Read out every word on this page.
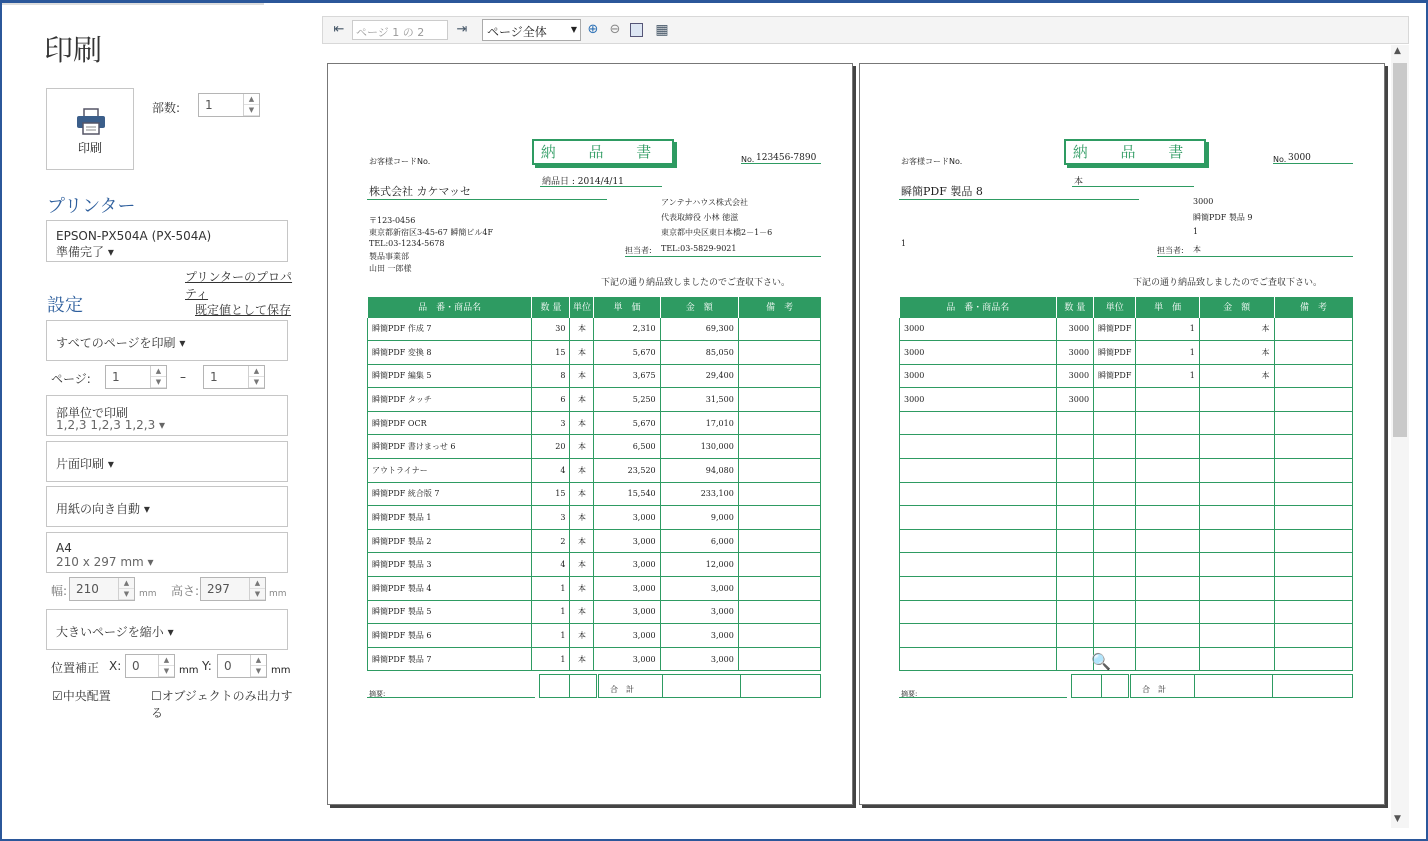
印刷
印刷
部数: 1	▲
▼
プリンター
EPSON-PX504A (PX-504A)
準備完了 ▾
プリンターのプロパティ
設定	既定値として保存
すべてのページを印刷 ▾
ページ: 1	▲
▼	– 1	▲
▼
部単位で印刷
1,2,3 1,2,3 1,2,3 ▾
片面印刷 ▾
用紙の向き自動 ▾
A4
210 x 297 mm ▾
幅: 210	▲
▼	mm 高さ: 297	▲
▼ mm
大きいページを縮小 ▾
位置補正 X: 0	▲
▼ mm Y: 0	▲
▼ mm
☑中央配置	☐オブジェクトのみ出力する
⇤	ページ 1 の 2	⇥	ページ全体	▼ ⊕ ⊖ ▦
▲
▼
お客様コードNo.
納 品 書	No. 123456-7890
納品日 : 2014/4/11
株式会社 カケマッセ
アンテナハウス株式会社
代表取締役 小林 徳滋
東京都中央区東日本橋2－1－6
〒123-0456
東京都新宿区3-45-67 瞬簡ビル4F
TEL:03-1234-5678
製品事業部
山田 一郎様
担当者: TEL:03-5829-9021
下記の通り納品致しましたのでご査収下さい。
品　番・商品名	数 量	単位	単　価	金　額	備　考
瞬簡PDF 作成 7	30	本	2,310	69,300	
瞬簡PDF 変換 8	15	本	5,670	85,050	
瞬簡PDF 編集 5	8	本	3,675	29,400	
瞬簡PDF タッチ	6	本	5,250	31,500	
瞬簡PDF OCR	3	本	5,670	17,010	
瞬簡PDF 書けまっせ 6	20	本	6,500	130,000	
アウトライナー	4	本	23,520	94,080	
瞬簡PDF 統合版 7	15	本	15,540	233,100	
瞬簡PDF 製品 1	3	本	3,000	9,000	
瞬簡PDF 製品 2	2	本	3,000	6,000	
瞬簡PDF 製品 3	4	本	3,000	12,000	
瞬簡PDF 製品 4	1	本	3,000	3,000	
瞬簡PDF 製品 5	1	本	3,000	3,000	
瞬簡PDF 製品 6	1	本	3,000	3,000	
瞬簡PDF 製品 7	1	本	3,000	3,000	
摘要:	合　計
お客様コードNo.
納 品 書	No. 3000
本
瞬簡PDF 製品 8
3000
瞬簡PDF 製品 9
1
1
担当者: 本
下記の通り納品致しましたのでご査収下さい。
品　番・商品名	数 量	単位	単　価	金　額	備　考
3000	3000	瞬簡PDF	1	本	
3000	3000	瞬簡PDF	1	本	
3000	3000	瞬簡PDF	1	本	
3000	3000				

摘要:	合　計
🔍
